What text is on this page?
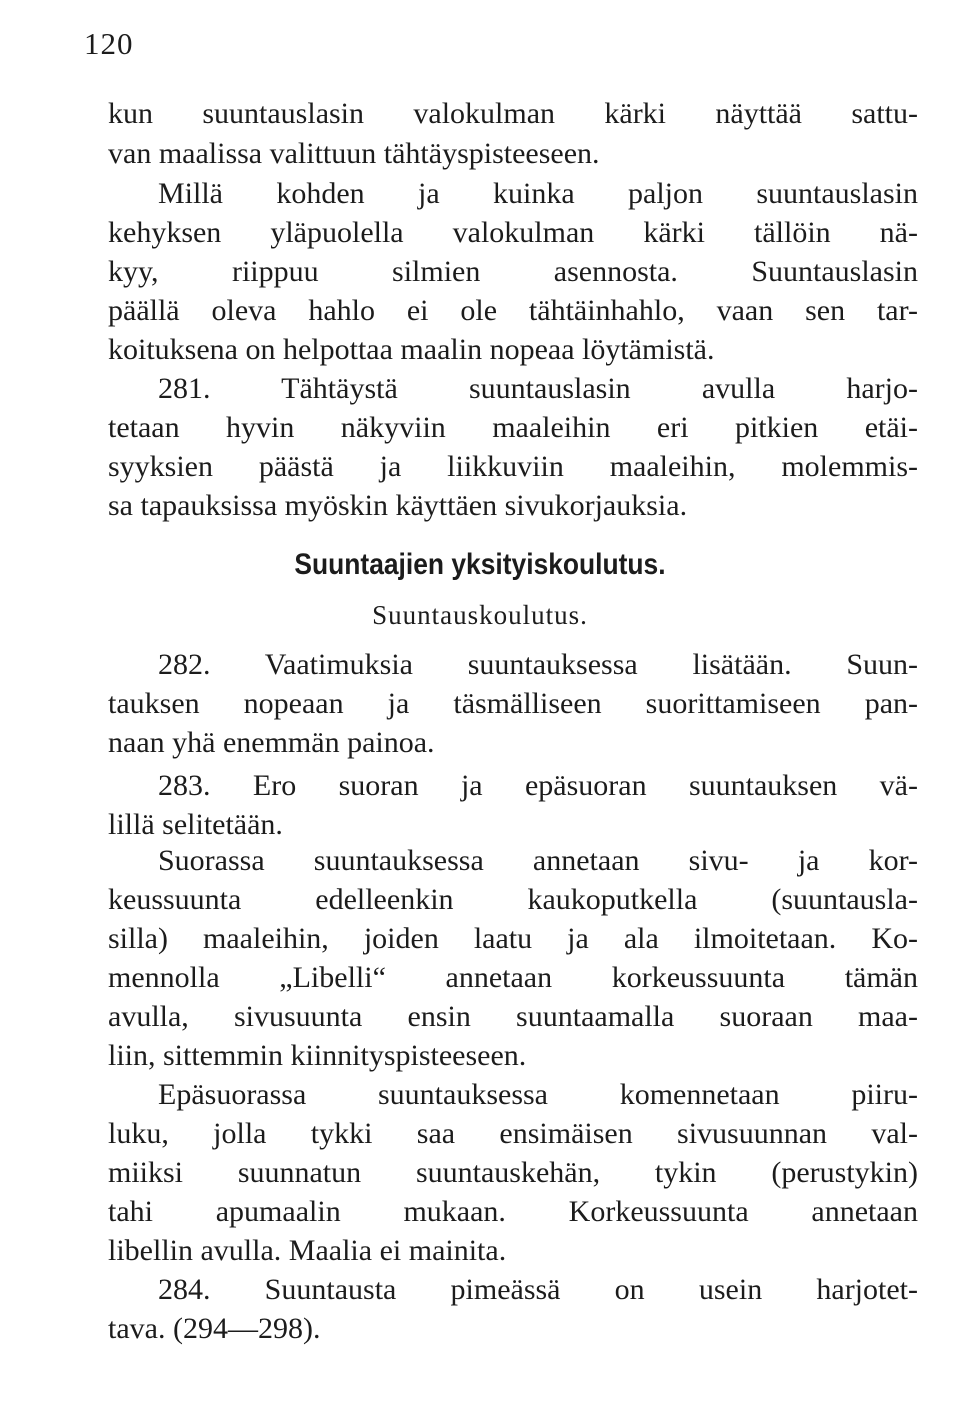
120
kun suuntauslasin valokulman kärki näyttää sattu-
van maalissa valittuun tähtäyspisteeseen.
Millä kohden ja kuinka paljon suuntauslasin
kehyksen yläpuolella valokulman kärki tällöin nä-
kyy, riippuu silmien asennosta. Suuntauslasin
päällä oleva hahlo ei ole tähtäinhahlo, vaan sen tar-
koituksena on helpottaa maalin nopeaa löytämistä.
281. Tähtäystä suuntauslasin avulla harjo-
tetaan hyvin näkyviin maaleihin eri pitkien etäi-
syyksien päästä ja liikkuviin maaleihin, molemmis-
sa tapauksissa myöskin käyttäen sivukorjauksia.
Suuntaajien yksityiskoulutus.
Suuntauskoulutus.
282. Vaatimuksia suuntauksessa lisätään. Suun-
tauksen nopeaan ja täsmälliseen suorittamiseen pan-
naan yhä enemmän painoa.
283. Ero suoran ja epäsuoran suuntauksen vä-
lillä selitetään.
Suorassa suuntauksessa annetaan sivu- ja kor-
keussuunta edelleenkin kaukoputkella (suuntausla-
silla) maaleihin, joiden laatu ja ala ilmoitetaan. Ko-
mennolla „Libelli“ annetaan korkeussuunta tämän
avulla, sivusuunta ensin suuntaamalla suoraan maa-
liin, sittemmin kiinnityspisteeseen.
Epäsuorassa suuntauksessa komennetaan piiru-
luku, jolla tykki saa ensimäisen sivusuunnan val-
miiksi suunnatun suuntauskehän, tykin (perustykin)
tahi apumaalin mukaan. Korkeussuunta annetaan
libellin avulla. Maalia ei mainita.
284. Suuntausta pimeässä on usein harjotet-
tava. (294—298).
